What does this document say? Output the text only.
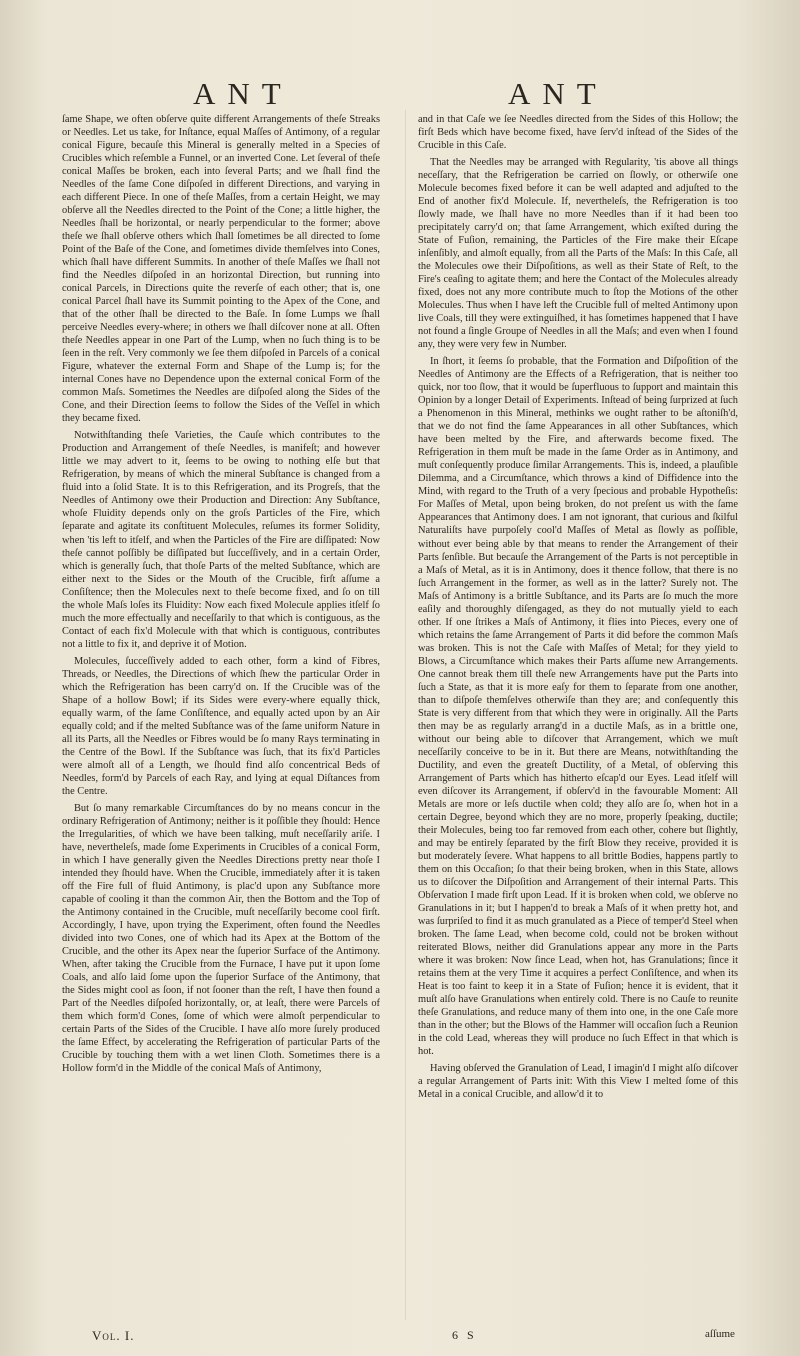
ANT	ANT

ſame Shape, we often obſerve quite different Arrangements of theſe Streaks or Needles. Let us take, for Inſtance, equal Maſſes of Antimony, of a regular conical Figure, becauſe this Mineral is generally melted in a Species of Crucibles which reſemble a Funnel, or an inverted Cone. Let ſeveral of theſe conical Maſſes be broken, each into ſeveral Parts; and we ſhall find the Needles of the ſame Cone diſpoſed in different Directions, and varying in each different Piece. In one of theſe Maſſes, from a certain Height, we may obſerve all the Needles directed to the Point of the Cone; a little higher, the Needles ſhall be horizontal, or nearly perpendicular to the former; above theſe we ſhall obſerve others which ſhall ſometimes be all directed to ſome Point of the Baſe of the Cone, and ſometimes divide themſelves into Cones, which ſhall have different Summits. In another of theſe Maſſes we ſhall not find the Needles diſpoſed in an horizontal Direction, but running into conical Parcels, in Directions quite the reverſe of each other; that is, one conical Parcel ſhall have its Summit pointing to the Apex of the Cone, and that of the other ſhall be directed to the Baſe. In ſome Lumps we ſhall perceive Needles every-where; in others we ſhall diſcover none at all. Often theſe Needles appear in one Part of the Lump, when no ſuch thing is to be ſeen in the reſt. Very commonly we ſee them diſpoſed in Parcels of a conical Figure, whatever the external Form and Shape of the Lump is; for the internal Cones have no Dependence upon the external conical Form of the common Maſs. Sometimes the Needles are diſpoſed along the Sides of the Cone, and their Direction ſeems to follow the Sides of the Veſſel in which they became fixed.

Notwithſtanding theſe Varieties, the Cauſe which contributes to the Production and Arrangement of theſe Needles, is manifeſt; and however little we may advert to it, ſeems to be owing to nothing elſe but that Refrigeration, by means of which the mineral Subſtance is changed from a fluid into a ſolid State. It is to this Refrigeration, and its Progreſs, that the Needles of Antimony owe their Production and Direction: Any Subſtance, whoſe Fluidity depends only on the groſs Particles of the Fire, which ſeparate and agitate its conſtituent Molecules, reſumes its former Solidity, when 'tis left to itſelf, and when the Particles of the Fire are diſſipated: Now theſe cannot poſſibly be diſſipated but ſucceſſively, and in a certain Order, which is generally ſuch, that thoſe Parts of the melted Subſtance, which are either next to the Sides or the Mouth of the Crucible, firſt aſſume a Conſiſtence; then the Molecules next to theſe become fixed, and ſo on till the whole Maſs loſes its Fluidity: Now each fixed Molecule applies itſelf ſo much the more effectually and neceſſarily to that which is contiguous, as the Contact of each fix'd Molecule with that which is contiguous, contributes not a little to fix it, and deprive it of Motion.

Molecules, ſucceſſively added to each other, form a kind of Fibres, Threads, or Needles, the Directions of which ſhew the particular Order in which the Refrigeration has been carry'd on. If the Crucible was of the Shape of a hollow Bowl; if its Sides were every-where equally thick, equally warm, of the ſame Conſiſtence, and equally acted upon by an Air equally cold; and if the melted Subſtance was of the ſame uniform Nature in all its Parts, all the Needles or Fibres would be ſo many Rays terminating in the Centre of the Bowl. If the Subſtance was ſuch, that its fix'd Particles were almoſt all of a Length, we ſhould find alſo concentrical Beds of Needles, form'd by Parcels of each Ray, and lying at equal Diſtances from the Centre.

But ſo many remarkable Circumſtances do by no means concur in the ordinary Refrigeration of Antimony; neither is it poſſible they ſhould: Hence the Irregularities, of which we have been talking, muſt neceſſarily ariſe. I have, nevertheleſs, made ſome Experiments in Crucibles of a conical Form, in which I have generally given the Needles Directions pretty near thoſe I intended they ſhould have. When the Crucible, immediately after it is taken off the Fire full of fluid Antimony, is plac'd upon any Subſtance more capable of cooling it than the common Air, then the Bottom and the Top of the Antimony contained in the Crucible, muſt neceſſarily become cool firſt. Accordingly, I have, upon trying the Experiment, often found the Needles divided into two Cones, one of which had its Apex at the Bottom of the Crucible, and the other its Apex near the ſuperior Surface of the Antimony. When, after taking the Crucible from the Furnace, I have put it upon ſome Coals, and alſo laid ſome upon the ſuperior Surface of the Antimony, that the Sides might cool as ſoon, if not ſooner than the reſt, I have then found a Part of the Needles diſpoſed horizontally, or, at leaſt, there were Parcels of them which form'd Cones, ſome of which were almoſt perpendicular to certain Parts of the Sides of the Crucible. I have alſo more ſurely produced the ſame Effect, by accelerating the Refrigeration of particular Parts of the Crucible by touching them with a wet linen Cloth. Sometimes there is a Hollow form'd in the Middle of the conical Maſs of Antimony,

and in that Caſe we ſee Needles directed from the Sides of this Hollow; the firſt Beds which have become fixed, have ſerv'd inſtead of the Sides of the Crucible in this Caſe.

That the Needles may be arranged with Regularity, 'tis above all things neceſſary, that the Refrigeration be carried on ſlowly, or otherwiſe one Molecule becomes fixed before it can be well adapted and adjuſted to the End of another fix'd Molecule. If, nevertheleſs, the Refrigeration is too ſlowly made, we ſhall have no more Needles than if it had been too precipitately carry'd on; that ſame Arrangement, which exiſted during the State of Fuſion, remaining, the Particles of the Fire make their Eſcape inſenſibly, and almoſt equally, from all the Parts of the Maſs: In this Caſe, all the Molecules owe their Diſpoſitions, as well as their State of Reſt, to the Fire's ceaſing to agitate them; and here the Contact of the Molecules already fixed, does not any more contribute much to ſtop the Motions of the other Molecules. Thus when I have left the Crucible full of melted Antimony upon live Coals, till they were extinguiſhed, it has ſometimes happened that I have not found a ſingle Groupe of Needles in all the Maſs; and even when I found any, they were very few in Number.

In ſhort, it ſeems ſo probable, that the Formation and Diſpoſition of the Needles of Antimony are the Effects of a Refrigeration, that is neither too quick, nor too ſlow, that it would be ſuperfluous to ſupport and maintain this Opinion by a longer Detail of Experiments. Inſtead of being ſurprized at ſuch a Phenomenon in this Mineral, methinks we ought rather to be aſtoniſh'd, that we do not find the ſame Appearances in all other Subſtances, which have been melted by the Fire, and afterwards become fixed. The Refrigeration in them muſt be made in the ſame Order as in Antimony, and muſt conſequently produce ſimilar Arrangements. This is, indeed, a plauſible Dilemma, and a Circumſtance, which throws a kind of Diffidence into the Mind, with regard to the Truth of a very ſpecious and probable Hypotheſis: For Maſſes of Metal, upon being broken, do not preſent us with the ſame Appearances that Antimony does. I am not ignorant, that curious and ſkilful Naturaliſts have purpoſely cool'd Maſſes of Metal as ſlowly as poſſible, without ever being able by that means to render the Arrangement of their Parts ſenſible. But becauſe the Arrangement of the Parts is not perceptible in a Maſs of Metal, as it is in Antimony, does it thence follow, that there is no ſuch Arrangement in the former, as well as in the latter? Surely not. The Maſs of Antimony is a brittle Subſtance, and its Parts are ſo much the more eaſily and thoroughly diſengaged, as they do not mutually yield to each other. If one ſtrikes a Maſs of Antimony, it flies into Pieces, every one of which retains the ſame Arrangement of Parts it did before the common Maſs was broken. This is not the Caſe with Maſſes of Metal; for they yield to Blows, a Circumſtance which makes their Parts aſſume new Arrangements. One cannot break them till theſe new Arrangements have put the Parts into ſuch a State, as that it is more eaſy for them to ſeparate from one another, than to diſpoſe themſelves otherwiſe than they are; and conſequently this State is very different from that which they were in originally. All the Parts then may be as regularly arrang'd in a ductile Maſs, as in a brittle one, without our being able to diſcover that Arrangement, which we muſt neceſſarily conceive to be in it. But there are Means, notwithſtanding the Ductility, and even the greateſt Ductility, of a Metal, of obſerving this Arrangement of Parts which has hitherto eſcap'd our Eyes. Lead itſelf will even diſcover its Arrangement, if obſerv'd in the favourable Moment: All Metals are more or leſs ductile when cold; they alſo are ſo, when hot in a certain Degree, beyond which they are no more, properly ſpeaking, ductile; their Molecules, being too far removed from each other, cohere but ſlightly, and may be entirely ſeparated by the firſt Blow they receive, provided it is but moderately ſevere. What happens to all brittle Bodies, happens partly to them on this Occaſion; ſo that their being broken, when in this State, allows us to diſcover the Diſpoſition and Arrangement of their internal Parts. This Obſervation I made firſt upon Lead. If it is broken when cold, we obſerve no Granulations in it; but I happen'd to break a Maſs of it when pretty hot, and was ſurpriſed to find it as much granulated as a Piece of temper'd Steel when broken. The ſame Lead, when become cold, could not be broken without reiterated Blows, neither did Granulations appear any more in the Parts where it was broken: Now ſince Lead, when hot, has Granulations; ſince it retains them at the very Time it acquires a perfect Conſiſtence, and when its Heat is too faint to keep it in a State of Fuſion; hence it is evident, that it muſt alſo have Granulations when entirely cold. There is no Cauſe to reunite theſe Granulations, and reduce many of them into one, in the one Caſe more than in the other; but the Blows of the Hammer will occaſion ſuch a Reunion in the cold Lead, whereas they will produce no ſuch Effect in that which is hot.

Having obſerved the Granulation of Lead, I imagin'd I might alſo diſcover a regular Arrangement of Parts init: With this View I melted ſome of this Metal in a conical Crucible, and allow'd it to

Vol. I.	6 S	aſſume
